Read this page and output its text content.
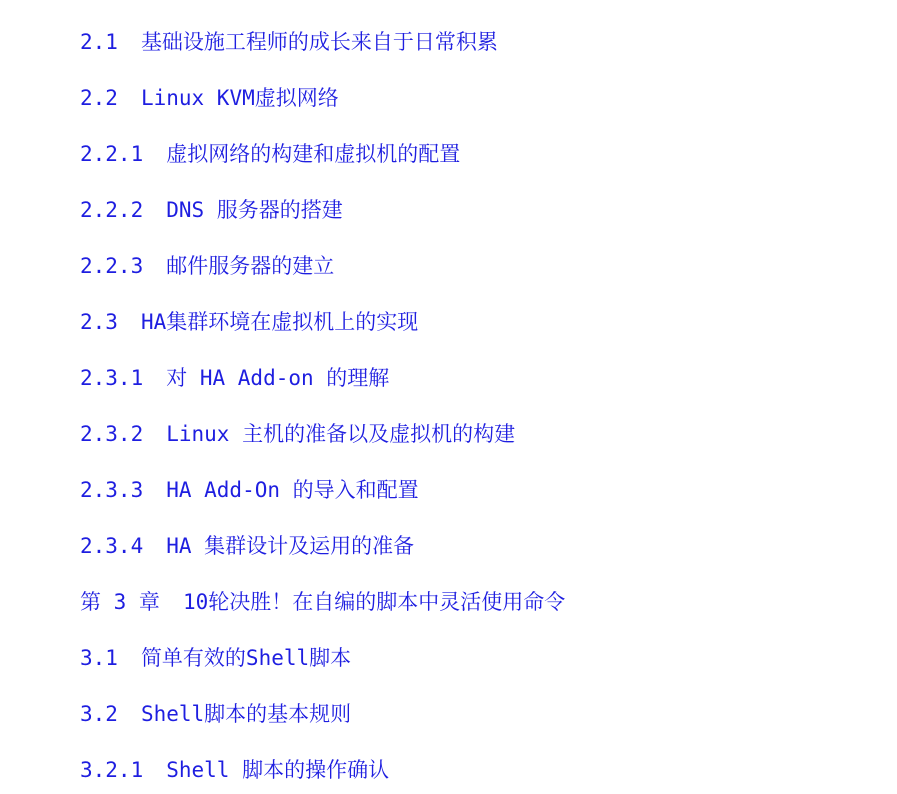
2.1 基础设施工程师的成长来自于日常积累
2.2 Linux KVM虚拟网络
2.2.1 虚拟网络的构建和虚拟机的配置
2.2.2 DNS 服务器的搭建
2.2.3 邮件服务器的建立
2.3 HA集群环境在虚拟机上的实现
2.3.1 对 HA Add-on 的理解
2.3.2 Linux 主机的准备以及虚拟机的构建
2.3.3 HA Add-On 的导入和配置
2.3.4 HA 集群设计及运用的准备
第 3 章 10轮决胜！在自编的脚本中灵活使用命令
3.1 简单有效的Shell脚本
3.2 Shell脚本的基本规则
3.2.1 Shell 脚本的操作确认
